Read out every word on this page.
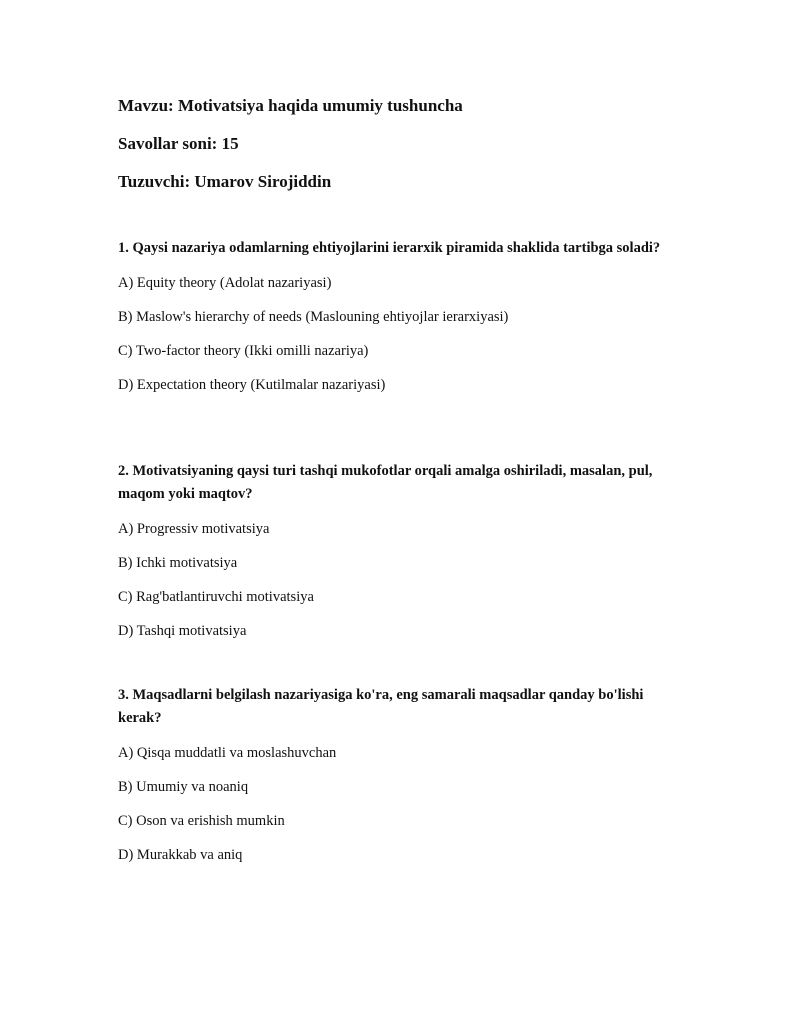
Mavzu: Motivatsiya haqida umumiy tushuncha
Savollar soni: 15
Tuzuvchi: Umarov Sirojiddin

1. Qaysi nazariya odamlarning ehtiyojlarini ierarxik piramida shaklida tartibga soladi?

A) Equity theory (Adolat nazariyasi)

B) Maslow's hierarchy of needs (Maslouning ehtiyojlar ierarxiyasi)

C) Two-factor theory (Ikki omilli nazariya)

D) Expectation theory (Kutilmalar nazariyasi)

2. Motivatsiyaning qaysi turi tashqi mukofotlar orqali amalga oshiriladi, masalan, pul, maqom yoki maqtov?

A) Progressiv motivatsiya

B) Ichki motivatsiya

C) Rag'batlantiruvchi motivatsiya

D) Tashqi motivatsiya

3. Maqsadlarni belgilash nazariyasiga ko'ra, eng samarali maqsadlar qanday bo'lishi kerak?

A) Qisqa muddatli va moslashuvchan

B) Umumiy va noaniq

C) Oson va erishish mumkin

D) Murakkab va aniq
